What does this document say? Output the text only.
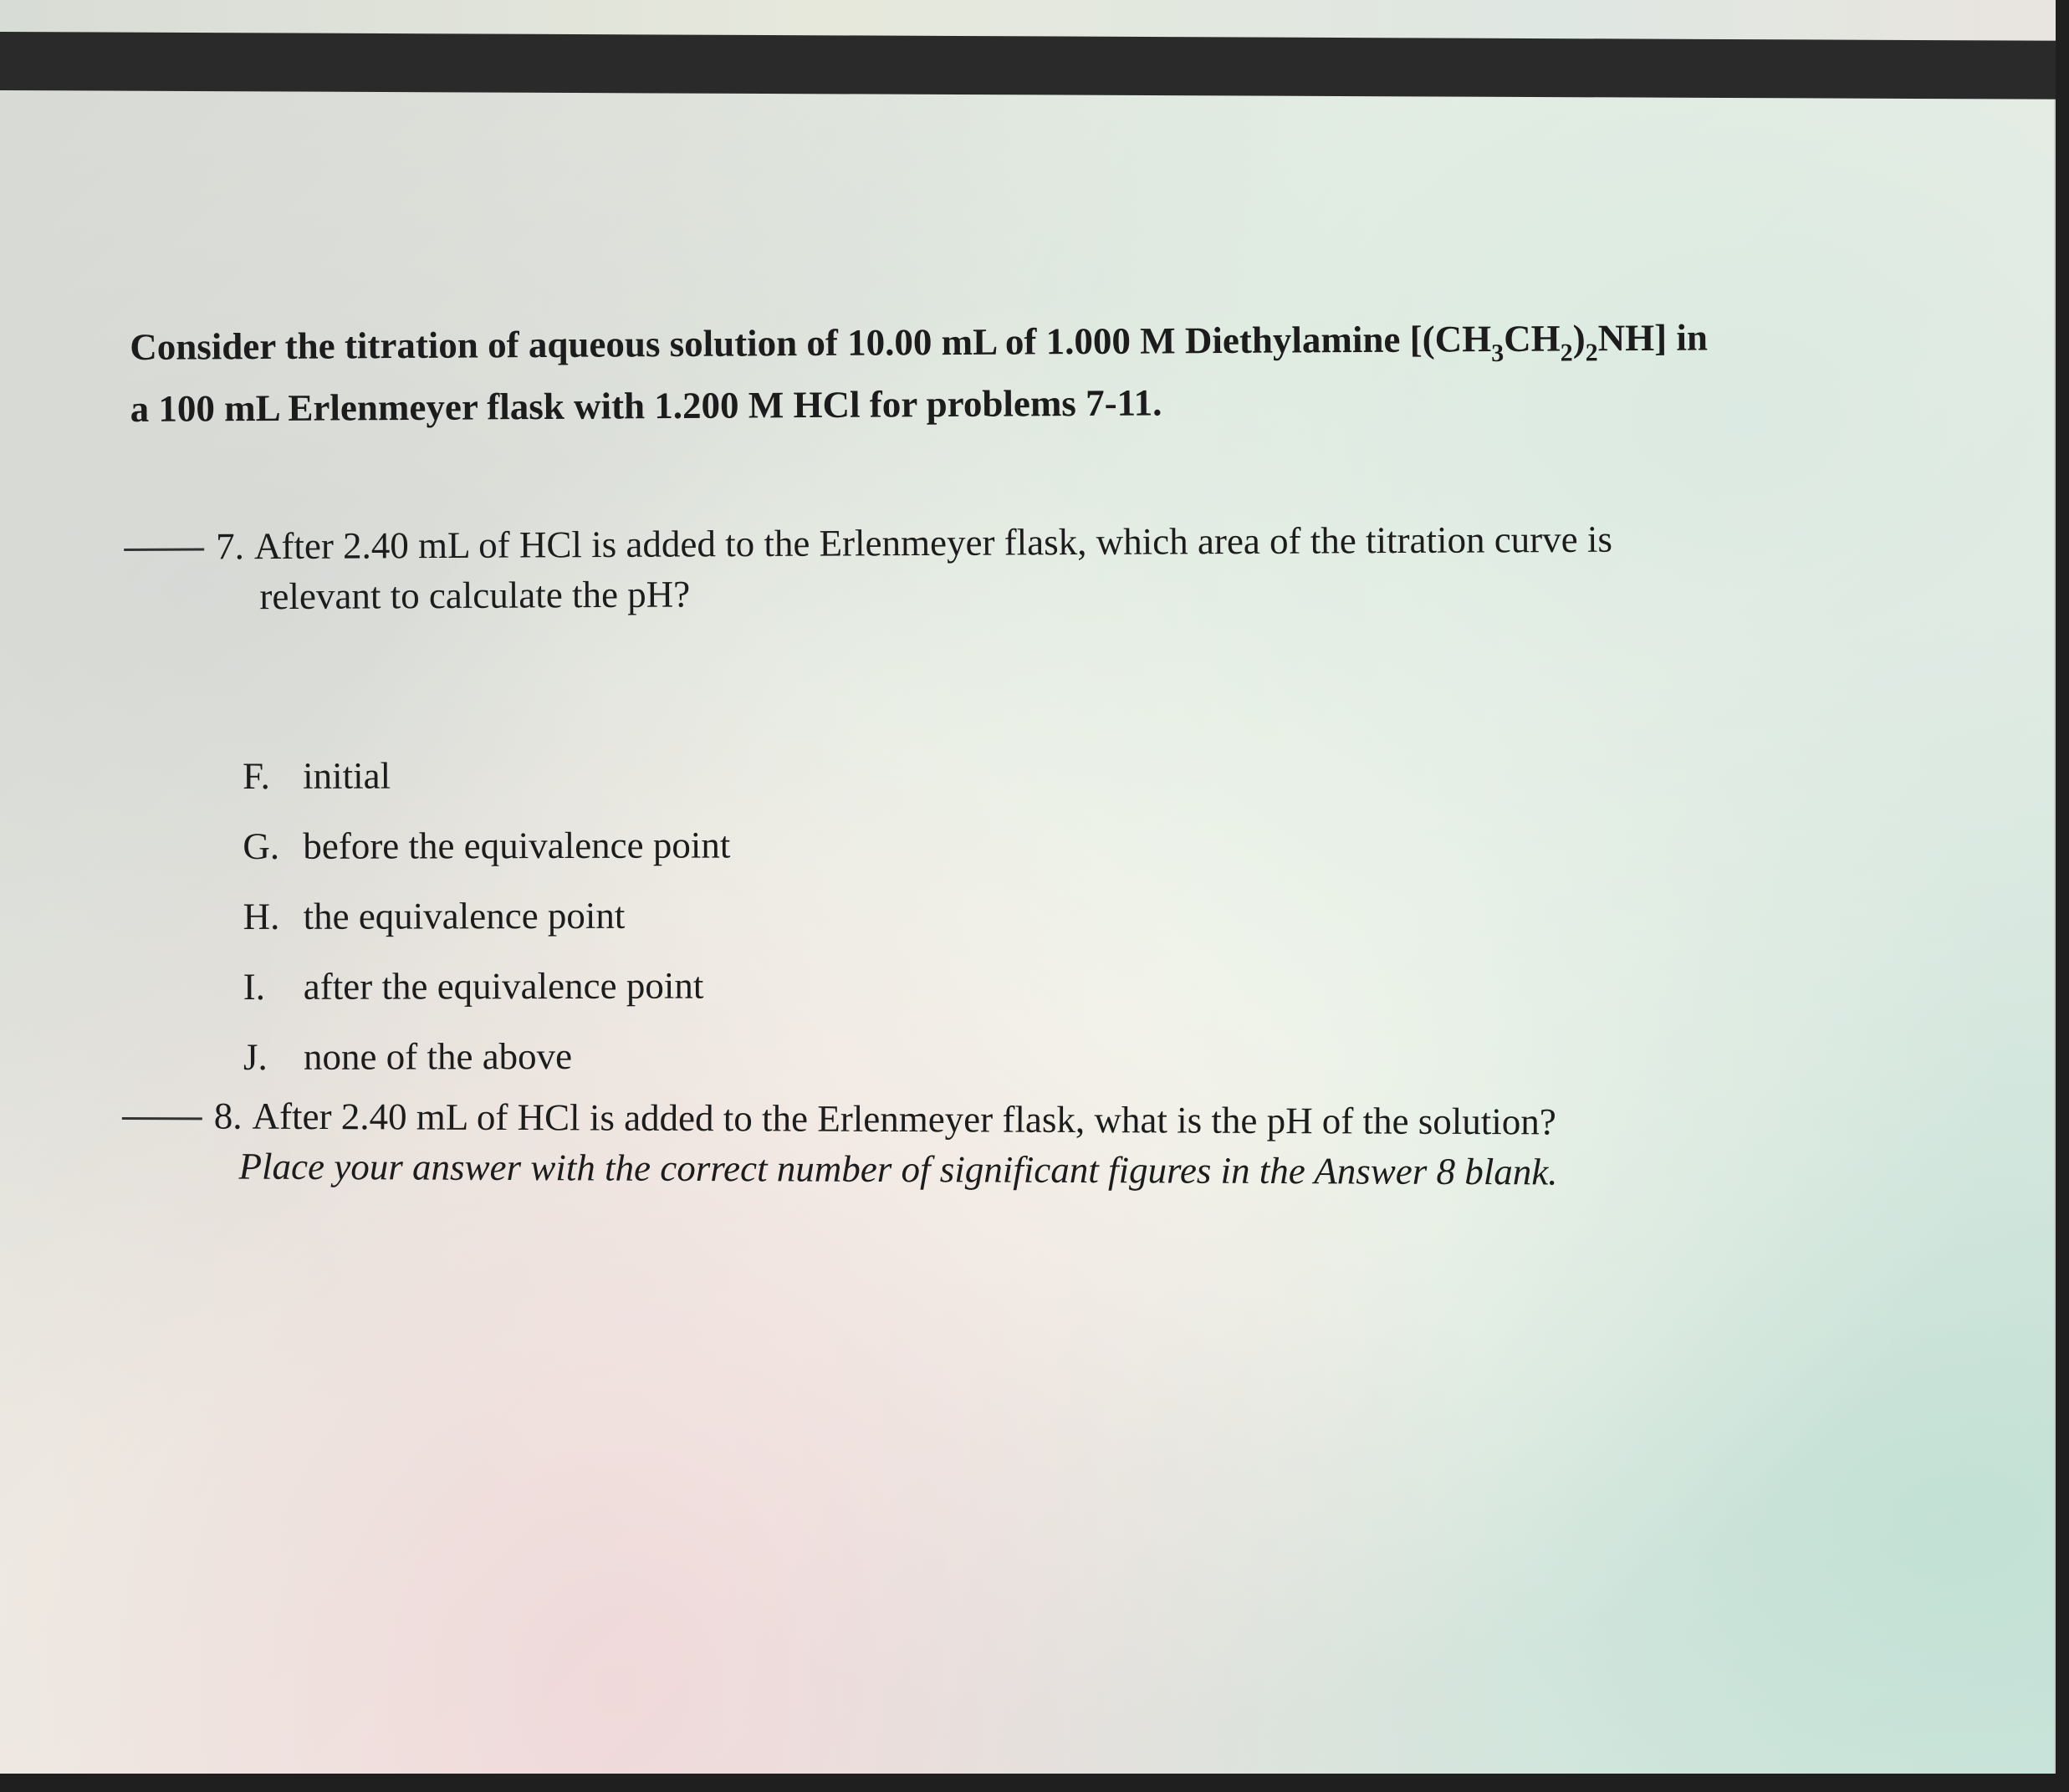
Consider the titration of aqueous solution of 10.00 mL of 1.000 M Diethylamine $[(CH_3CH_2)_2NH]$ in
a 100 mL Erlenmeyer flask with 1.200 M HCl for problems 7-11.
7. After 2.40 mL of HCl is added to the Erlenmeyer flask, which area of the titration curve is
relevant to calculate the pH?
F. initial
G. before the equivalence point
H. the equivalence point
I.	after the equivalence point
J. none of the above
8. After 2.40 mL of HCl is added to the Erlenmeyer flask, what is the pH of the solution?
Place your answer with the correct number of significant figures in the Answer 8 blank.
